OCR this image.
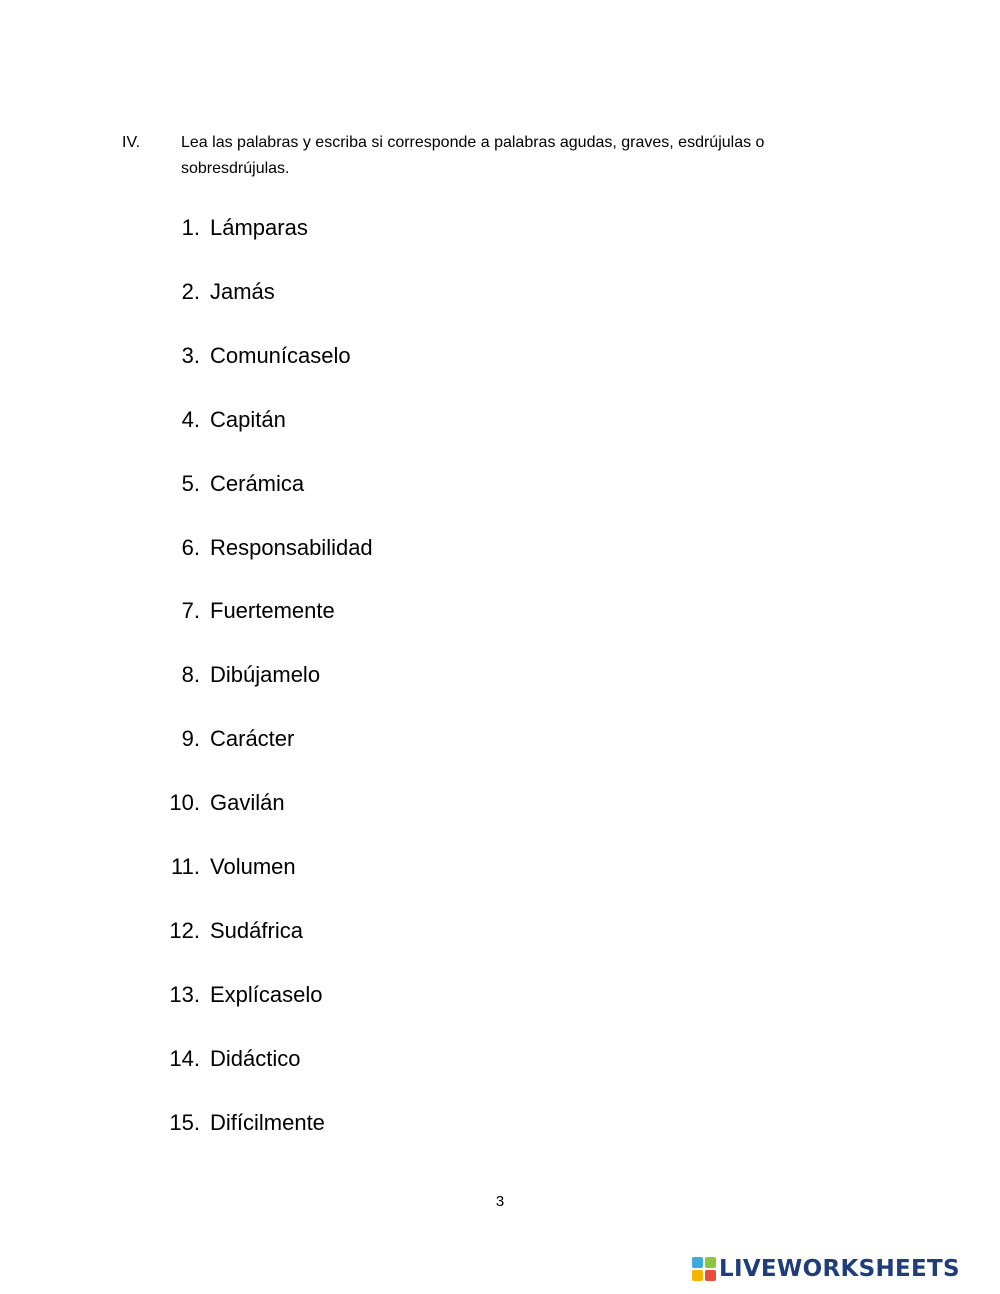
IV.	Lea las palabras y escriba si corresponde a palabras agudas, graves, esdrújulas o sobresdrújulas.
1. Lámparas
2. Jamás
3. Comunícaselo
4. Capitán
5. Cerámica
6. Responsabilidad
7. Fuertemente
8. Dibújamelo
9. Carácter
10. Gavilán
11. Volumen
12. Sudáfrica
13. Explícaselo
14. Didáctico
15. Difícilmente
3
LIVEWORKSHEETS
